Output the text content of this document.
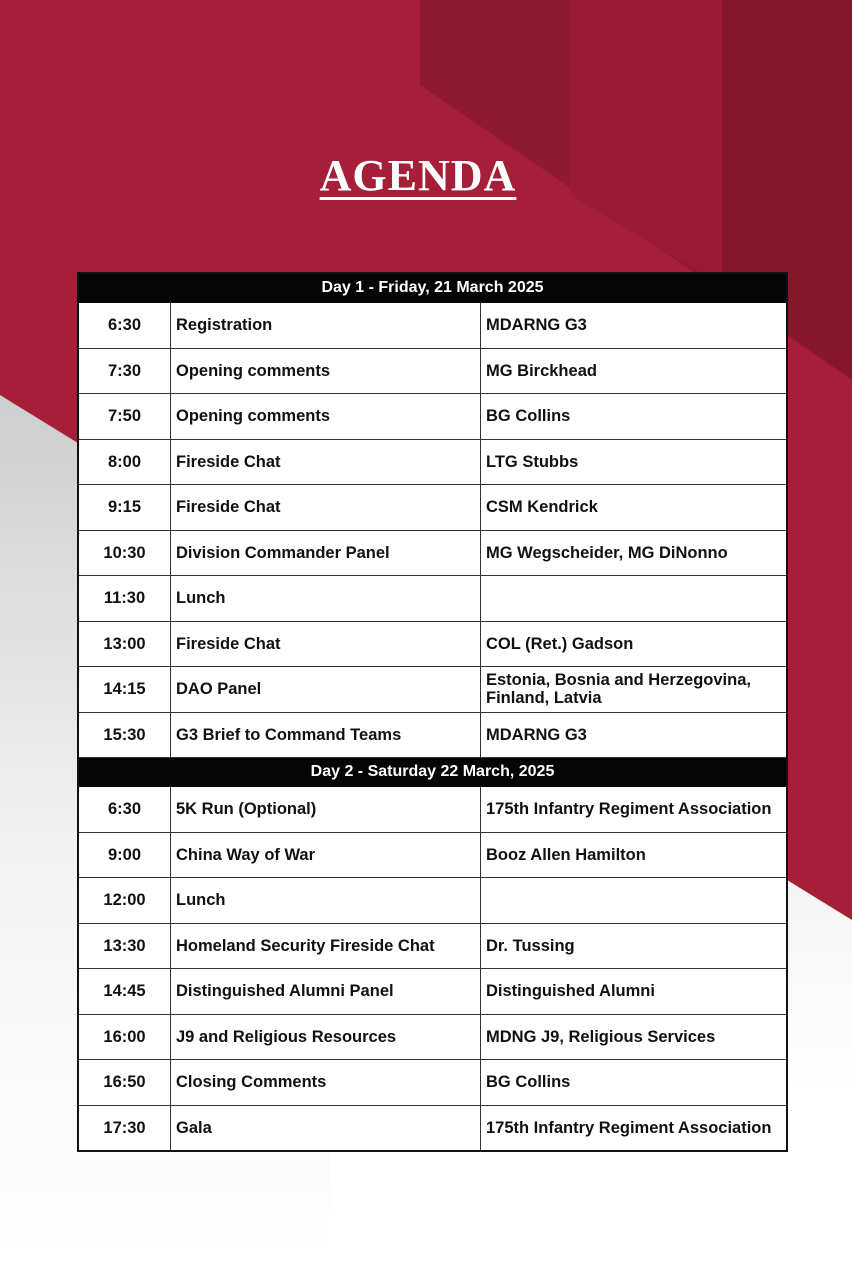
AGENDA
Day 1 - Friday, 21 March 2025		
6:30	Registration	MDARNG G3
7:30	Opening comments	MG Birckhead
7:50	Opening comments	BG Collins
8:00	Fireside Chat	LTG Stubbs
9:15	Fireside Chat	CSM Kendrick
10:30	Division Commander Panel	MG Wegscheider, MG DiNonno
11:30	Lunch	
13:00	Fireside Chat	COL (Ret.) Gadson
14:15	DAO Panel	Estonia, Bosnia and Herzegovina, Finland, Latvia
15:30	G3 Brief to Command Teams	MDARNG G3
Day 2 - Saturday 22 March, 2025		
6:30	5K Run (Optional)	175th Infantry Regiment Association
9:00	China Way of War	Booz Allen Hamilton
12:00	Lunch	
13:30	Homeland Security Fireside Chat	Dr. Tussing
14:45	Distinguished Alumni Panel	Distinguished Alumni
16:00	J9 and Religious Resources	MDNG J9, Religious Services
16:50	Closing Comments	BG Collins
17:30	Gala	175th Infantry Regiment Association
